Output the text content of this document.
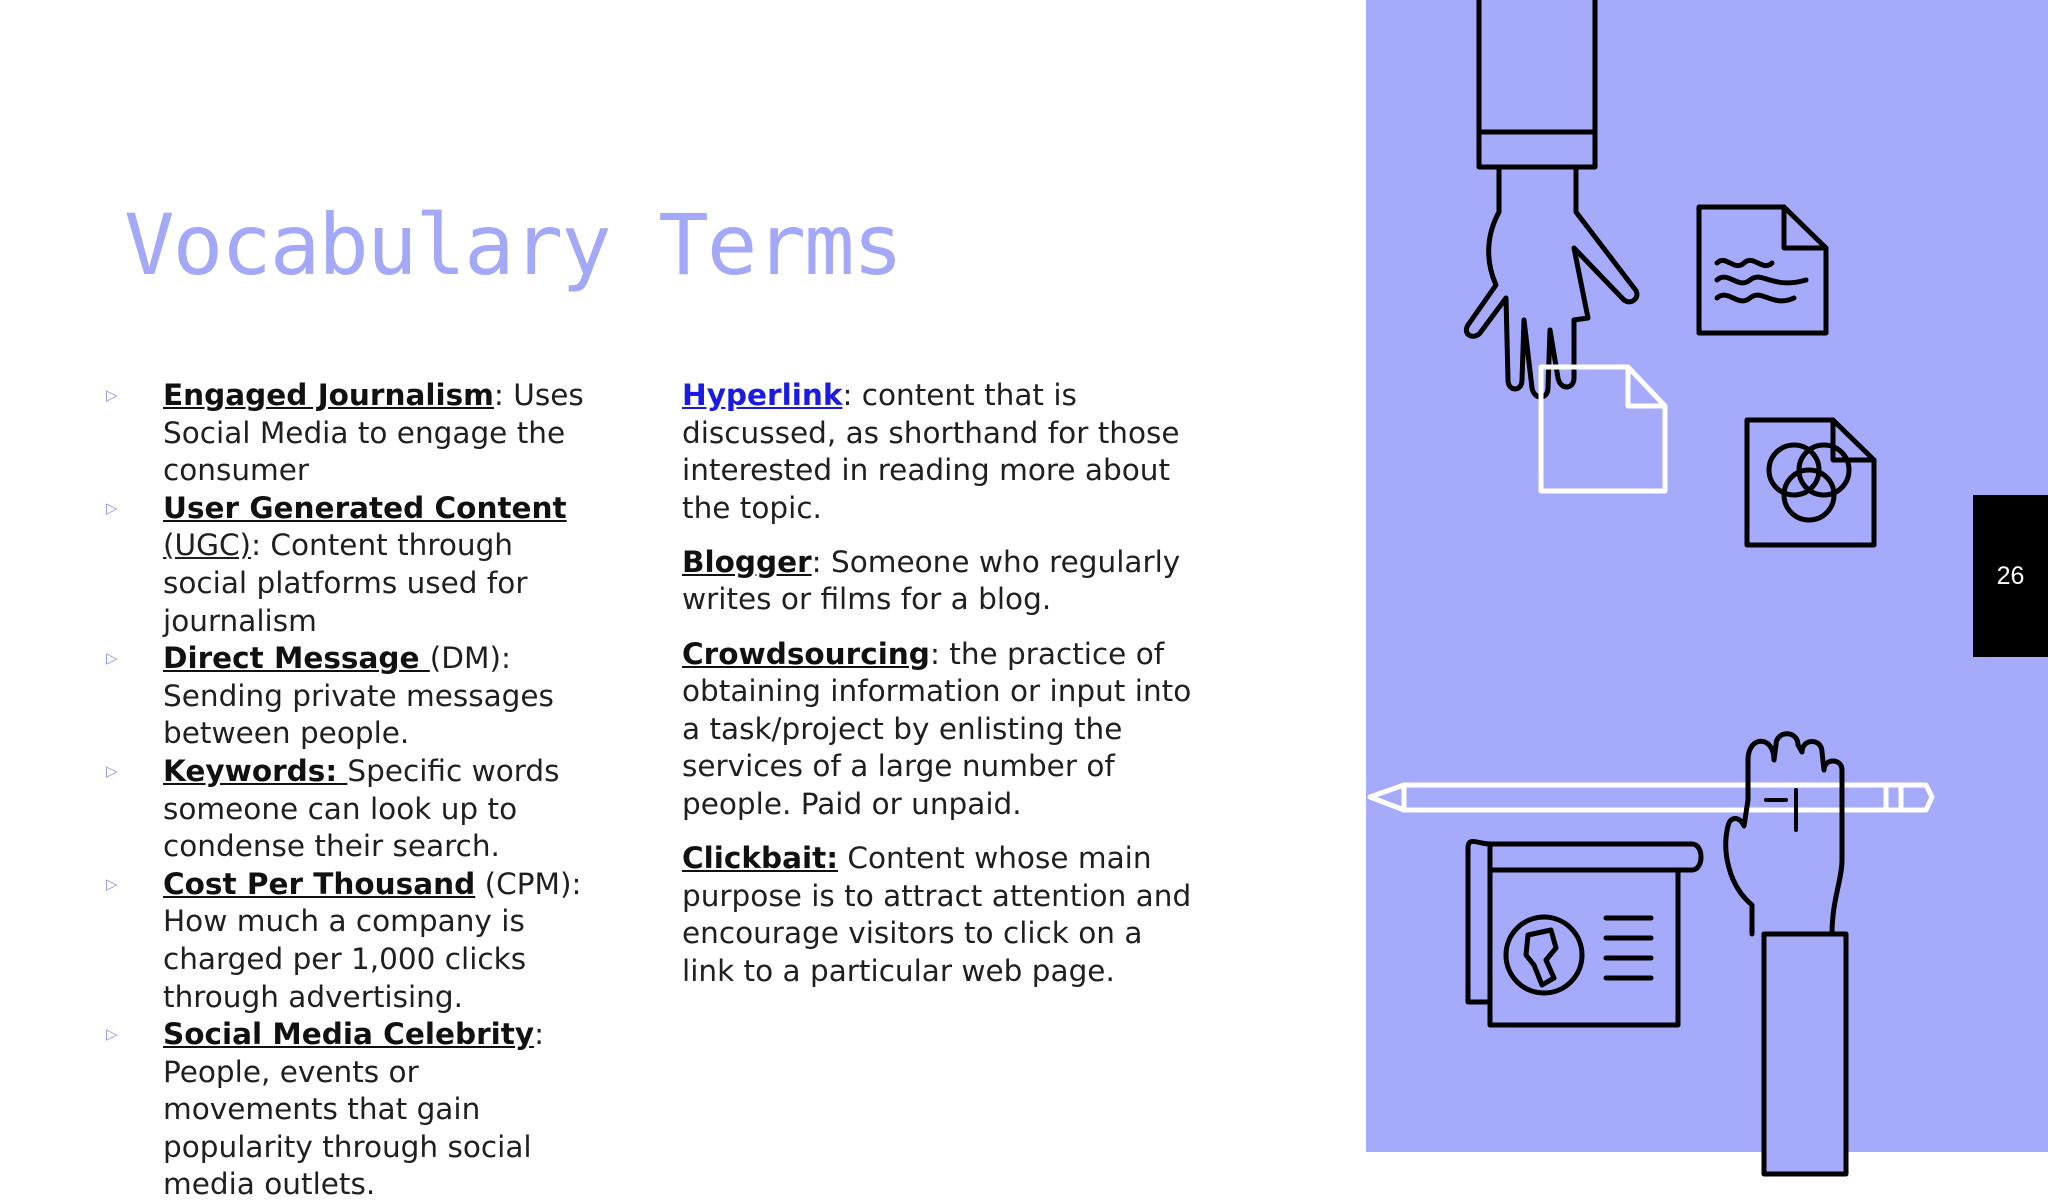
Vocabulary Terms
▷ Engaged Journalism: Uses Social Media to engage the consumer
▷ User Generated Content (UGC): Content through social platforms used for journalism
▷ Direct Message (DM): Sending private messages between people.
▷ Keywords: Specific words someone can look up to condense their search.
▷ Cost Per Thousand (CPM): How much a company is charged per 1,000 clicks through advertising.
▷ Social Media Celebrity: People, events or movements that gain popularity through social media outlets.
Hyperlink: content that is discussed, as shorthand for those interested in reading more about the topic.
Blogger: Someone who regularly writes or films for a blog.
Crowdsourcing: the practice of obtaining information or input into a task/project by enlisting the services of a large number of people. Paid or unpaid.
Clickbait: Content whose main purpose is to attract attention and encourage visitors to click on a link to a particular web page.
26
